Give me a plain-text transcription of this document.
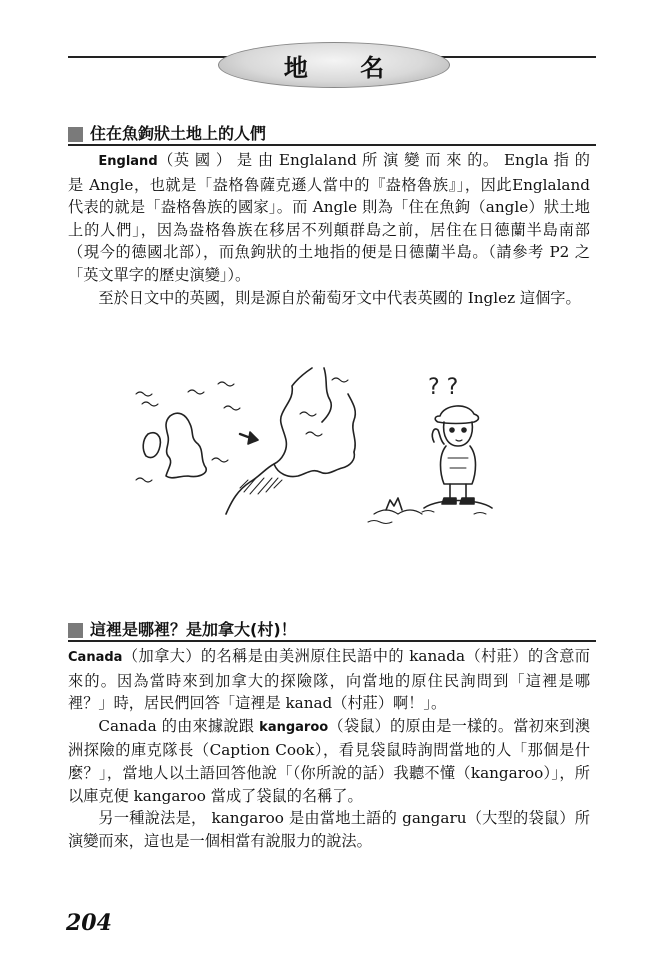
地 名
住在魚鉤狀土地上的人們

England（英 國 ） 是 由 Englaland 所 演 變 而 來 的。 Engla 指 的是 Angle，也就是「盎格魯薩克遜人當中的『盎格魯族』」，因此Englaland 代表的就是「盎格魯族的國家」。而 Angle 則為「住在魚鉤（angle）狀土地上的人們」，因為盎格魯族在移居不列顛群島之前，居住在日德蘭半島南部（現今的德國北部），而魚鉤狀的土地指的便是日德蘭半島。（請參考 P2 之「英文單字的歷史演變」）。

至於日文中的英國，則是源自於葡萄牙文中代表英國的 Inglez 這個字。

? ?
這裡是哪裡？是加拿大(村)！

Canada（加拿大）的名稱是由美洲原住民語中的 kanada（村莊）的含意而來的。因為當時來到加拿大的探險隊，向當地的原住民詢問到「這裡是哪裡？」時，居民們回答「這裡是 kanad（村莊）啊！」。

Canada 的由來據說跟 kangaroo（袋鼠）的原由是一樣的。當初來到澳洲探險的庫克隊長（Caption Cook），看見袋鼠時詢問當地的人「那個是什麼？」，當地人以土語回答他說「（你所說的話）我聽不懂（kangaroo）」，所以庫克便 kangaroo 當成了袋鼠的名稱了。

另一種說法是， kangaroo 是由當地土語的 gangaru（大型的袋鼠）所演變而來，這也是一個相當有說服力的說法。

204
